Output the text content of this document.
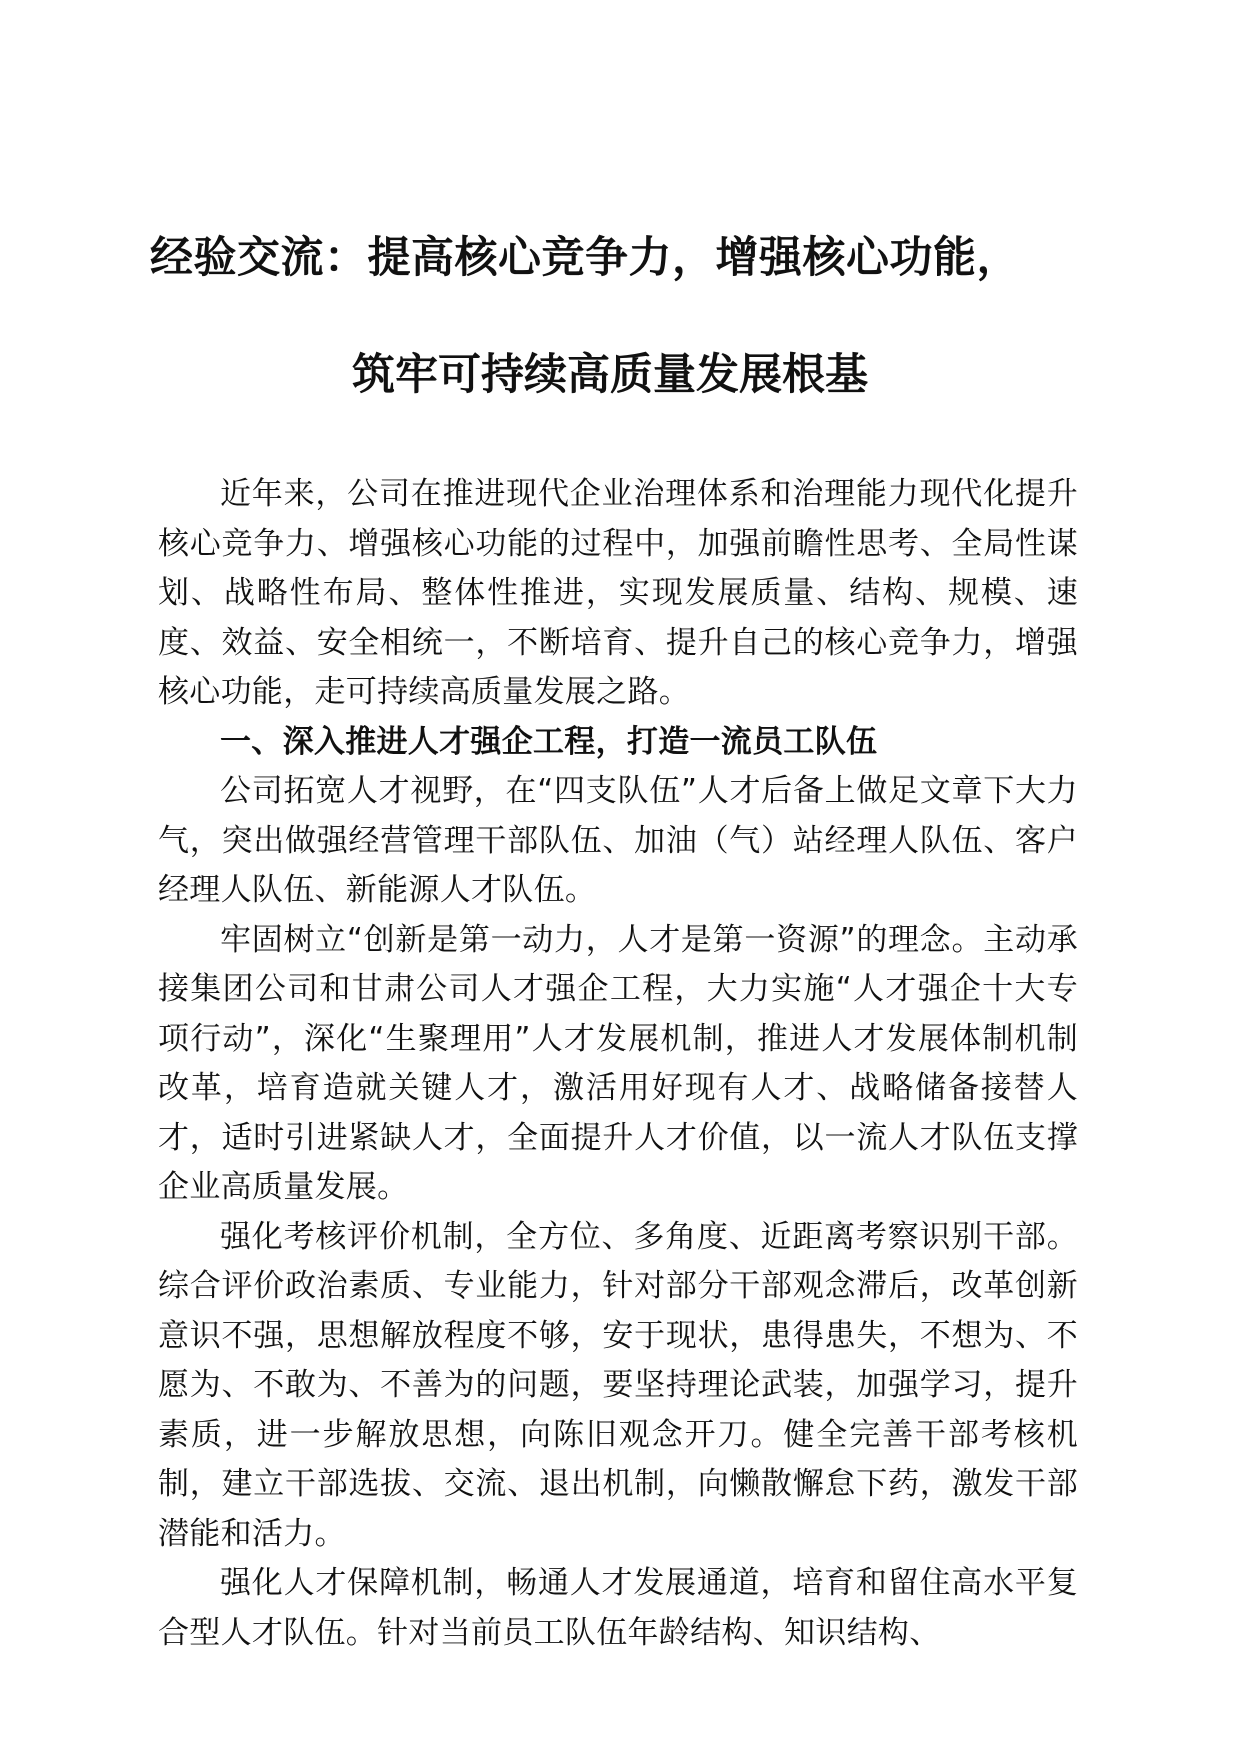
经验交流：提高核心竞争力，增强核心功能，
筑牢可持续高质量发展根基

近年来，公司在推进现代企业治理体系和治理能力现代化提升核心竞争力、增强核心功能的过程中，加强前瞻性思考、全局性谋划、战略性布局、整体性推进，实现发展质量、结构、规模、速度、效益、安全相统一，不断培育、提升自己的核心竞争力，增强核心功能，走可持续高质量发展之路。

一、深入推进人才强企工程，打造一流员工队伍

公司拓宽人才视野，在“四支队伍”人才后备上做足文章下大力气，突出做强经营管理干部队伍、加油（气）站经理人队伍、客户经理人队伍、新能源人才队伍。

牢固树立“创新是第一动力，人才是第一资源”的理念。主动承接集团公司和甘肃公司人才强企工程，大力实施“人才强企十大专项行动”，深化“生聚理用”人才发展机制，推进人才发展体制机制改革，培育造就关键人才，激活用好现有人才、战略储备接替人才，适时引进紧缺人才，全面提升人才价值，以一流人才队伍支撑企业高质量发展。

强化考核评价机制，全方位、多角度、近距离考察识别干部。综合评价政治素质、专业能力，针对部分干部观念滞后，改革创新意识不强，思想解放程度不够，安于现状，患得患失，不想为、不愿为、不敢为、不善为的问题，要坚持理论武装，加强学习，提升素质，进一步解放思想，向陈旧观念开刀。健全完善干部考核机制，建立干部选拔、交流、退出机制，向懒散懈怠下药，激发干部潜能和活力。

强化人才保障机制，畅通人才发展通道，培育和留住高水平复合型人才队伍。针对当前员工队伍年龄结构、知识结构、
